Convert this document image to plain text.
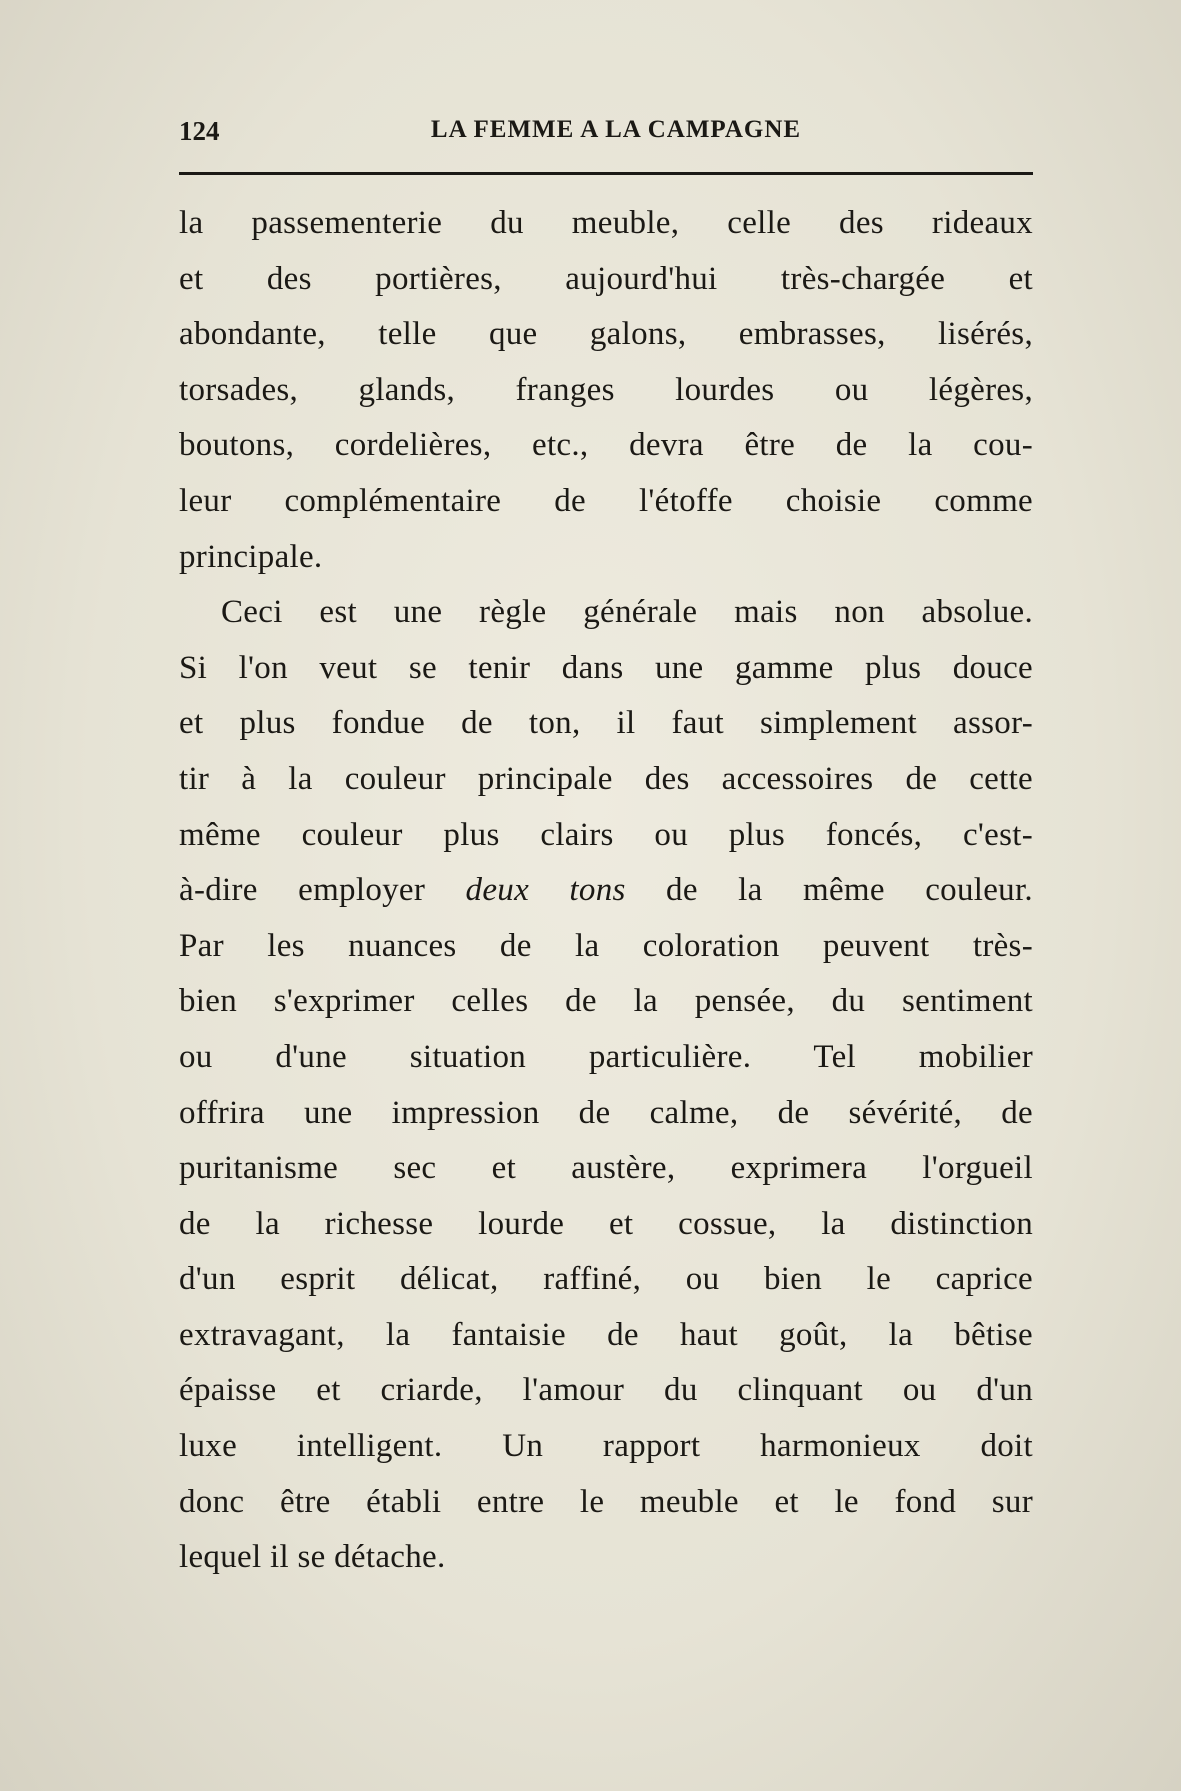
124	LA FEMME A LA CAMPAGNE
la passementerie du meuble, celle des rideaux
et des portières, aujourd'hui très-chargée et
abondante, telle que galons, embrasses, lisérés,
torsades, glands, franges lourdes ou légères,
boutons, cordelières, etc., devra être de la cou-
leur complémentaire de l'étoffe choisie comme
principale.
Ceci est une règle générale mais non absolue.
Si l'on veut se tenir dans une gamme plus douce
et plus fondue de ton, il faut simplement assor-
tir à la couleur principale des accessoires de cette
même couleur plus clairs ou plus foncés, c'est-
à-dire employer deux tons de la même couleur.
Par les nuances de la coloration peuvent très-
bien s'exprimer celles de la pensée, du sentiment
ou d'une situation particulière. Tel mobilier
offrira une impression de calme, de sévérité, de
puritanisme sec et austère, exprimera l'orgueil
de la richesse lourde et cossue, la distinction
d'un esprit délicat, raffiné, ou bien le caprice
extravagant, la fantaisie de haut goût, la bêtise
épaisse et criarde, l'amour du clinquant ou d'un
luxe intelligent. Un rapport harmonieux doit
donc être établi entre le meuble et le fond sur
lequel il se détache.
